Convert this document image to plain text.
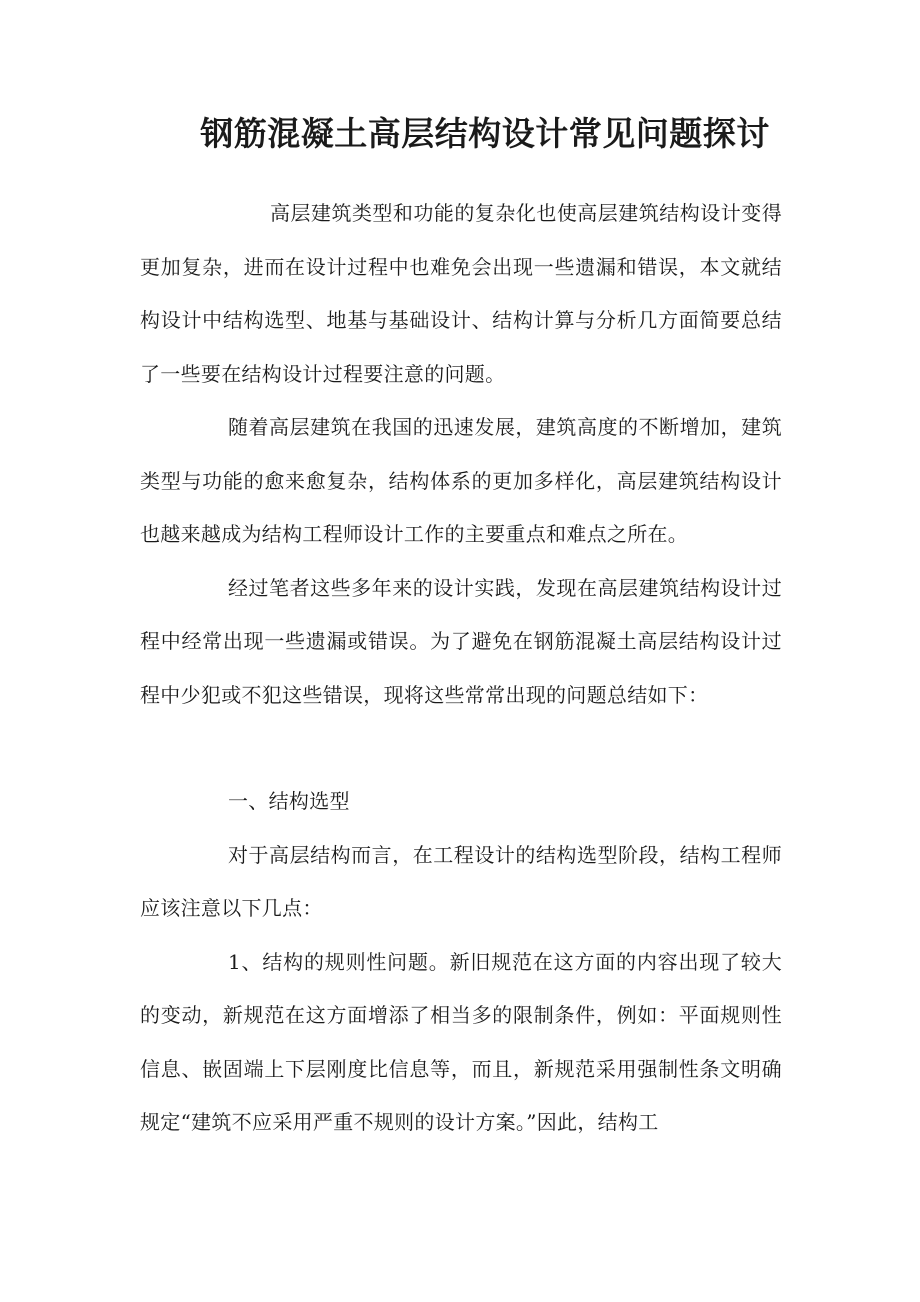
钢筋混凝土高层结构设计常见问题探讨

高层建筑类型和功能的复杂化也使高层建筑结构设计变得更加复杂，进而在设计过程中也难免会出现一些遗漏和错误，本文就结构设计中结构选型、地基与基础设计、结构计算与分析几方面简要总结了一些要在结构设计过程要注意的问题。

随着高层建筑在我国的迅速发展，建筑高度的不断增加，建筑类型与功能的愈来愈复杂，结构体系的更加多样化，高层建筑结构设计也越来越成为结构工程师设计工作的主要重点和难点之所在。

经过笔者这些多年来的设计实践，发现在高层建筑结构设计过程中经常出现一些遗漏或错误。为了避免在钢筋混凝土高层结构设计过程中少犯或不犯这些错误，现将这些常常出现的问题总结如下：

一、结构选型

对于高层结构而言，在工程设计的结构选型阶段，结构工程师应该注意以下几点：

1、结构的规则性问题。新旧规范在这方面的内容出现了较大的变动，新规范在这方面增添了相当多的限制条件，例如：平面规则性信息、嵌固端上下层刚度比信息等，而且，新规范采用强制性条文明确规定“建筑不应采用严重不规则的设计方案。”因此，结构工
